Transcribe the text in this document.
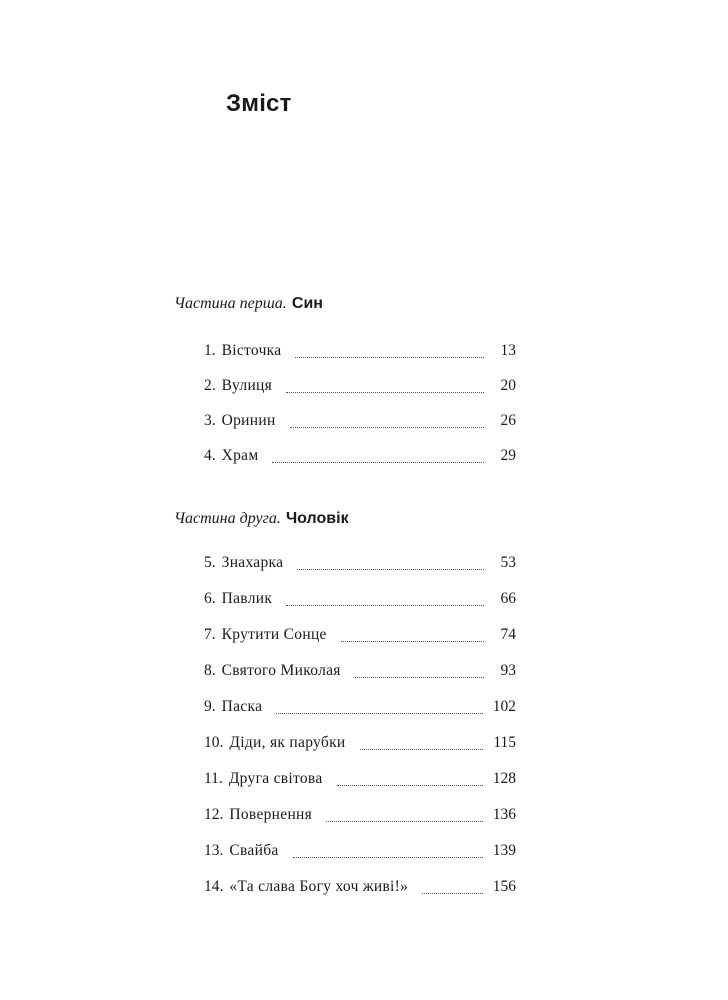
Зміст
Частина перша. Син
1. Вісточка	13
2. Вулиця	20
3. Оринин	26
4. Храм	29
Частина друга. Чоловік
5. Знахарка	53
6. Павлик	66
7. Крутити Сонце	74
8. Святого Миколая	93
9. Паска	102
10. Діди, як парубки	115
11. Друга світова	128
12. Повернення	136
13. Свайба	139
14. «Та слава Богу хоч живі!»	156
